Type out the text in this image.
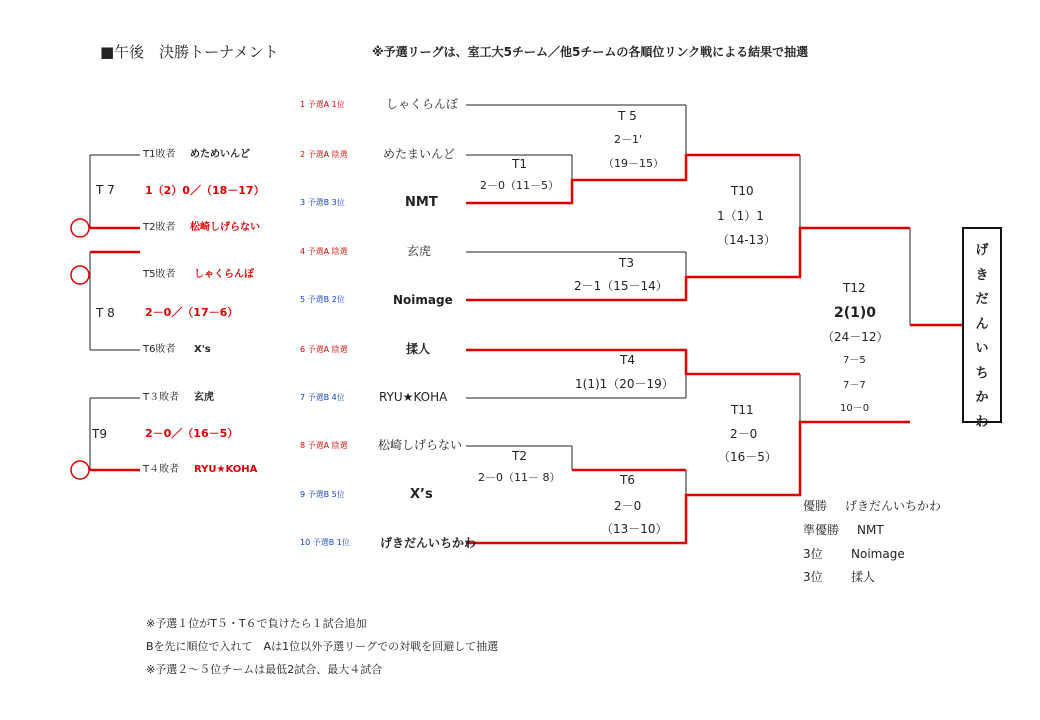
■午後　決勝トーナメント	※予選リーグは、室工大5チーム／他5チームの各順位リンク戦による結果で抽選
1 予選A 1位	しゃくらんぼ
2 予選A 陰選	めたまいんど
3 予選B 3位	NMT
4 予選A 陰選	玄虎
5 予選B 2位	Noimage
6 予選A 陰選	揉人
7 予選B 4位	RYU★KOHA
8 予選A 陰選	松崎しげらない
9 予選B 5位	X’s
10 予選B 1位	げきだんいちかわ
T1
2－0（11－5）
T2
2－0（11－ 8）
T3
2－1（15－14）
T4
1(1)1（20－19）
T 5
2－1'
（19－15）
T6
2－0
（13－10）
T10
1（1）1
（14-13）
T11
2－0
（16－5）
T12
2(1)0
（24－12）
7－5
7－7
10－0
げ
き
だ
ん
い
ち
か
わ
T1敗者 めためいんど
T 7	1（2）0／（18－17）
T2敗者 松崎しげらない
T5敗者 しゃくらんぼ
T 8	2－0／（17－6）
T6敗者 X's
T３敗者 玄虎
T9	2－0／（16－5）
T４敗者 RYU★KOHA
優勝 げきだんいちかわ
準優勝 NMT
3位 Noimage
3位 揉人
※予選１位がT５・T６で負けたら１試合追加
Bを先に順位で入れて　Aは1位以外予選リーグでの対戦を回避して抽選
※予選２～５位チームは最低2試合、最大４試合
